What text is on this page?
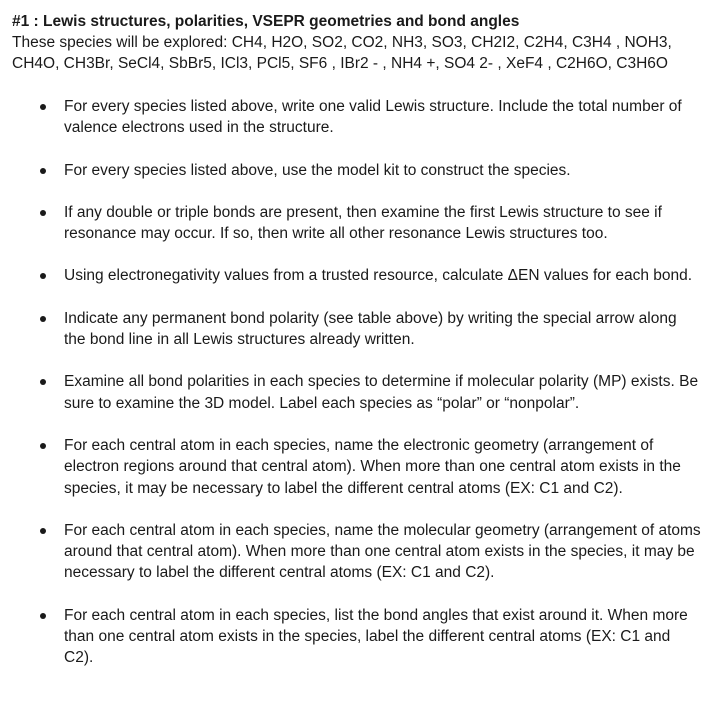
#1 : Lewis structures, polarities, VSEPR geometries and bond angles

These species will be explored: CH4, H2O, SO2, CO2, NH3, SO3, CH2I2, C2H4, C3H4 , NOH3, CH4O, CH3Br, SeCl4, SbBr5, ICl3, PCl5, SF6 , IBr2 - , NH4 +, SO4 2- , XeF4 , C2H6O, C3H6O

For every species listed above, write one valid Lewis structure. Include the total number of valence electrons used in the structure.
For every species listed above, use the model kit to construct the species.
If any double or triple bonds are present, then examine the first Lewis structure to see if resonance may occur. If so, then write all other resonance Lewis structures too.
Using electronegativity values from a trusted resource, calculate ΔEN values for each bond.
Indicate any permanent bond polarity (see table above) by writing the special arrow along the bond line in all Lewis structures already written.
Examine all bond polarities in each species to determine if molecular polarity (MP) exists. Be sure to examine the 3D model. Label each species as “polar” or “nonpolar”.
For each central atom in each species, name the electronic geometry (arrangement of electron regions around that central atom). When more than one central atom exists in the species, it may be necessary to label the different central atoms (EX: C1 and C2).
For each central atom in each species, name the molecular geometry (arrangement of atoms around that central atom). When more than one central atom exists in the species, it may be necessary to label the different central atoms (EX: C1 and C2).
For each central atom in each species, list the bond angles that exist around it. When more than one central atom exists in the species, label the different central atoms (EX: C1 and C2).
